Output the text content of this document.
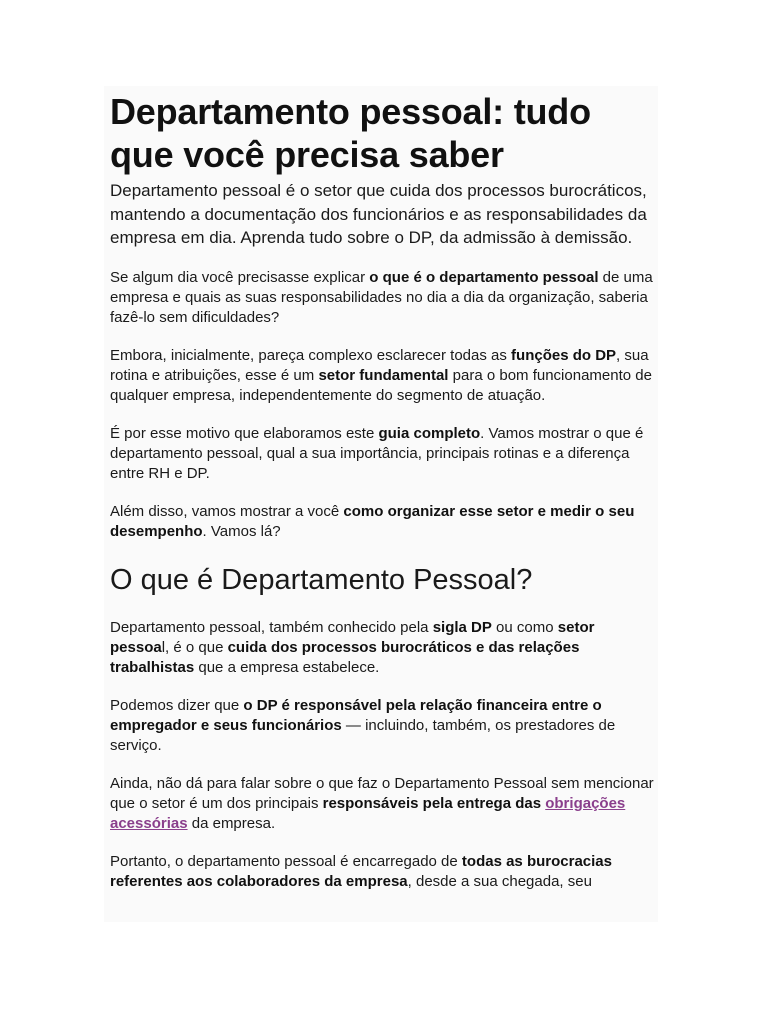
Departamento pessoal: tudo que você precisa saber
Departamento pessoal é o setor que cuida dos processos burocráticos, mantendo a documentação dos funcionários e as responsabilidades da empresa em dia. Aprenda tudo sobre o DP, da admissão à demissão.

Se algum dia você precisasse explicar o que é o departamento pessoal de uma empresa e quais as suas responsabilidades no dia a dia da organização, saberia fazê-lo sem dificuldades?

Embora, inicialmente, pareça complexo esclarecer todas as funções do DP, sua rotina e atribuições, esse é um setor fundamental para o bom funcionamento de qualquer empresa, independentemente do segmento de atuação.

É por esse motivo que elaboramos este guia completo. Vamos mostrar o que é departamento pessoal, qual a sua importância, principais rotinas e a diferença entre RH e DP.

Além disso, vamos mostrar a você como organizar esse setor e medir o seu desempenho. Vamos lá?

O que é Departamento Pessoal?

Departamento pessoal, também conhecido pela sigla DP ou como setor pessoal, é o que cuida dos processos burocráticos e das relações trabalhistas que a empresa estabelece.

Podemos dizer que o DP é responsável pela relação financeira entre o empregador e seus funcionários — incluindo, também, os prestadores de serviço.

Ainda, não dá para falar sobre o que faz o Departamento Pessoal sem mencionar que o setor é um dos principais responsáveis pela entrega das obrigações acessórias da empresa.

Portanto, o departamento pessoal é encarregado de todas as burocracias referentes aos colaboradores da empresa, desde a sua chegada, seu
